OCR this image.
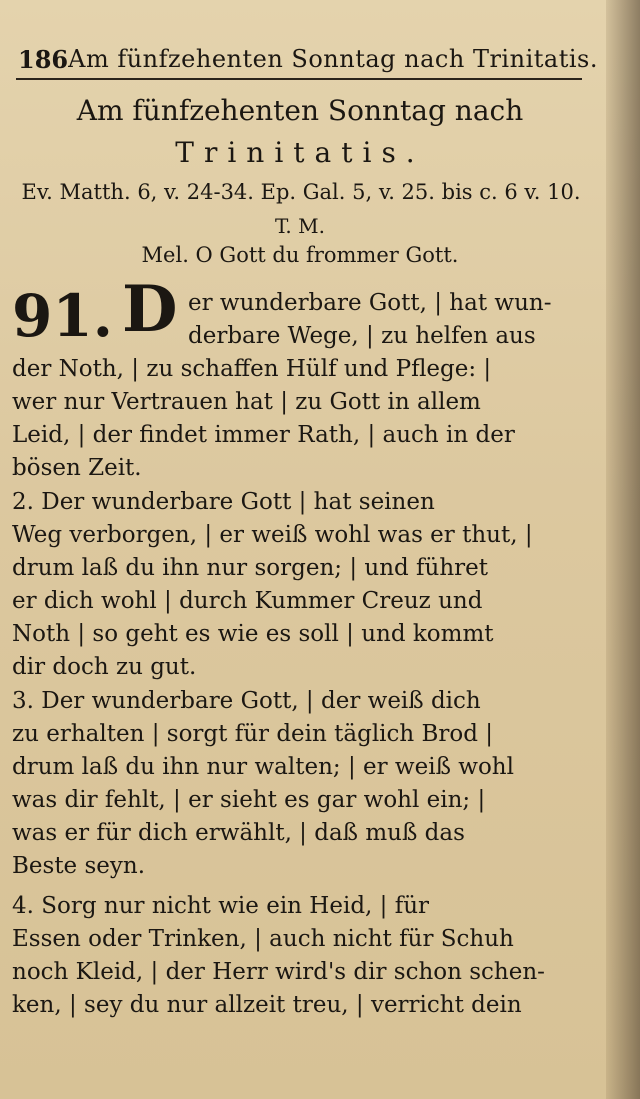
186 Am fünfzehenten Sonntag nach Trinitatis.
Am fünfzehenten Sonntag nach
Trinitatis.
Ev. Matth. 6, v. 24-34. Ep. Gal. 5, v. 25. bis c. 6 v. 10.
T. M.
Mel. O Gott du frommer Gott.
91. D er wunderbare Gott, | hat wun-
derbare Wege, | zu helfen aus
der Noth, | zu schaffen Hülf und Pflege: |
wer nur Vertrauen hat | zu Gott in allem
Leid, | der findet immer Rath, | auch in der
bösen Zeit.
2. Der wunderbare Gott | hat seinen
Weg verborgen, | er weiß wohl was er thut, |
drum laß du ihn nur sorgen; | und führet
er dich wohl | durch Kummer Creuz und
Noth | so geht es wie es soll | und kommt
dir doch zu gut.
3. Der wunderbare Gott, | der weiß dich
zu erhalten | sorgt für dein täglich Brod |
drum laß du ihn nur walten; | er weiß wohl
was dir fehlt, | er sieht es gar wohl ein; |
was er für dich erwählt, | daß muß das
Beste seyn.
4. Sorg nur nicht wie ein Heid, | für
Essen oder Trinken, | auch nicht für Schuh
noch Kleid, | der Herr wird's dir schon schen-
ken, | sey du nur allzeit treu, | verricht dein
